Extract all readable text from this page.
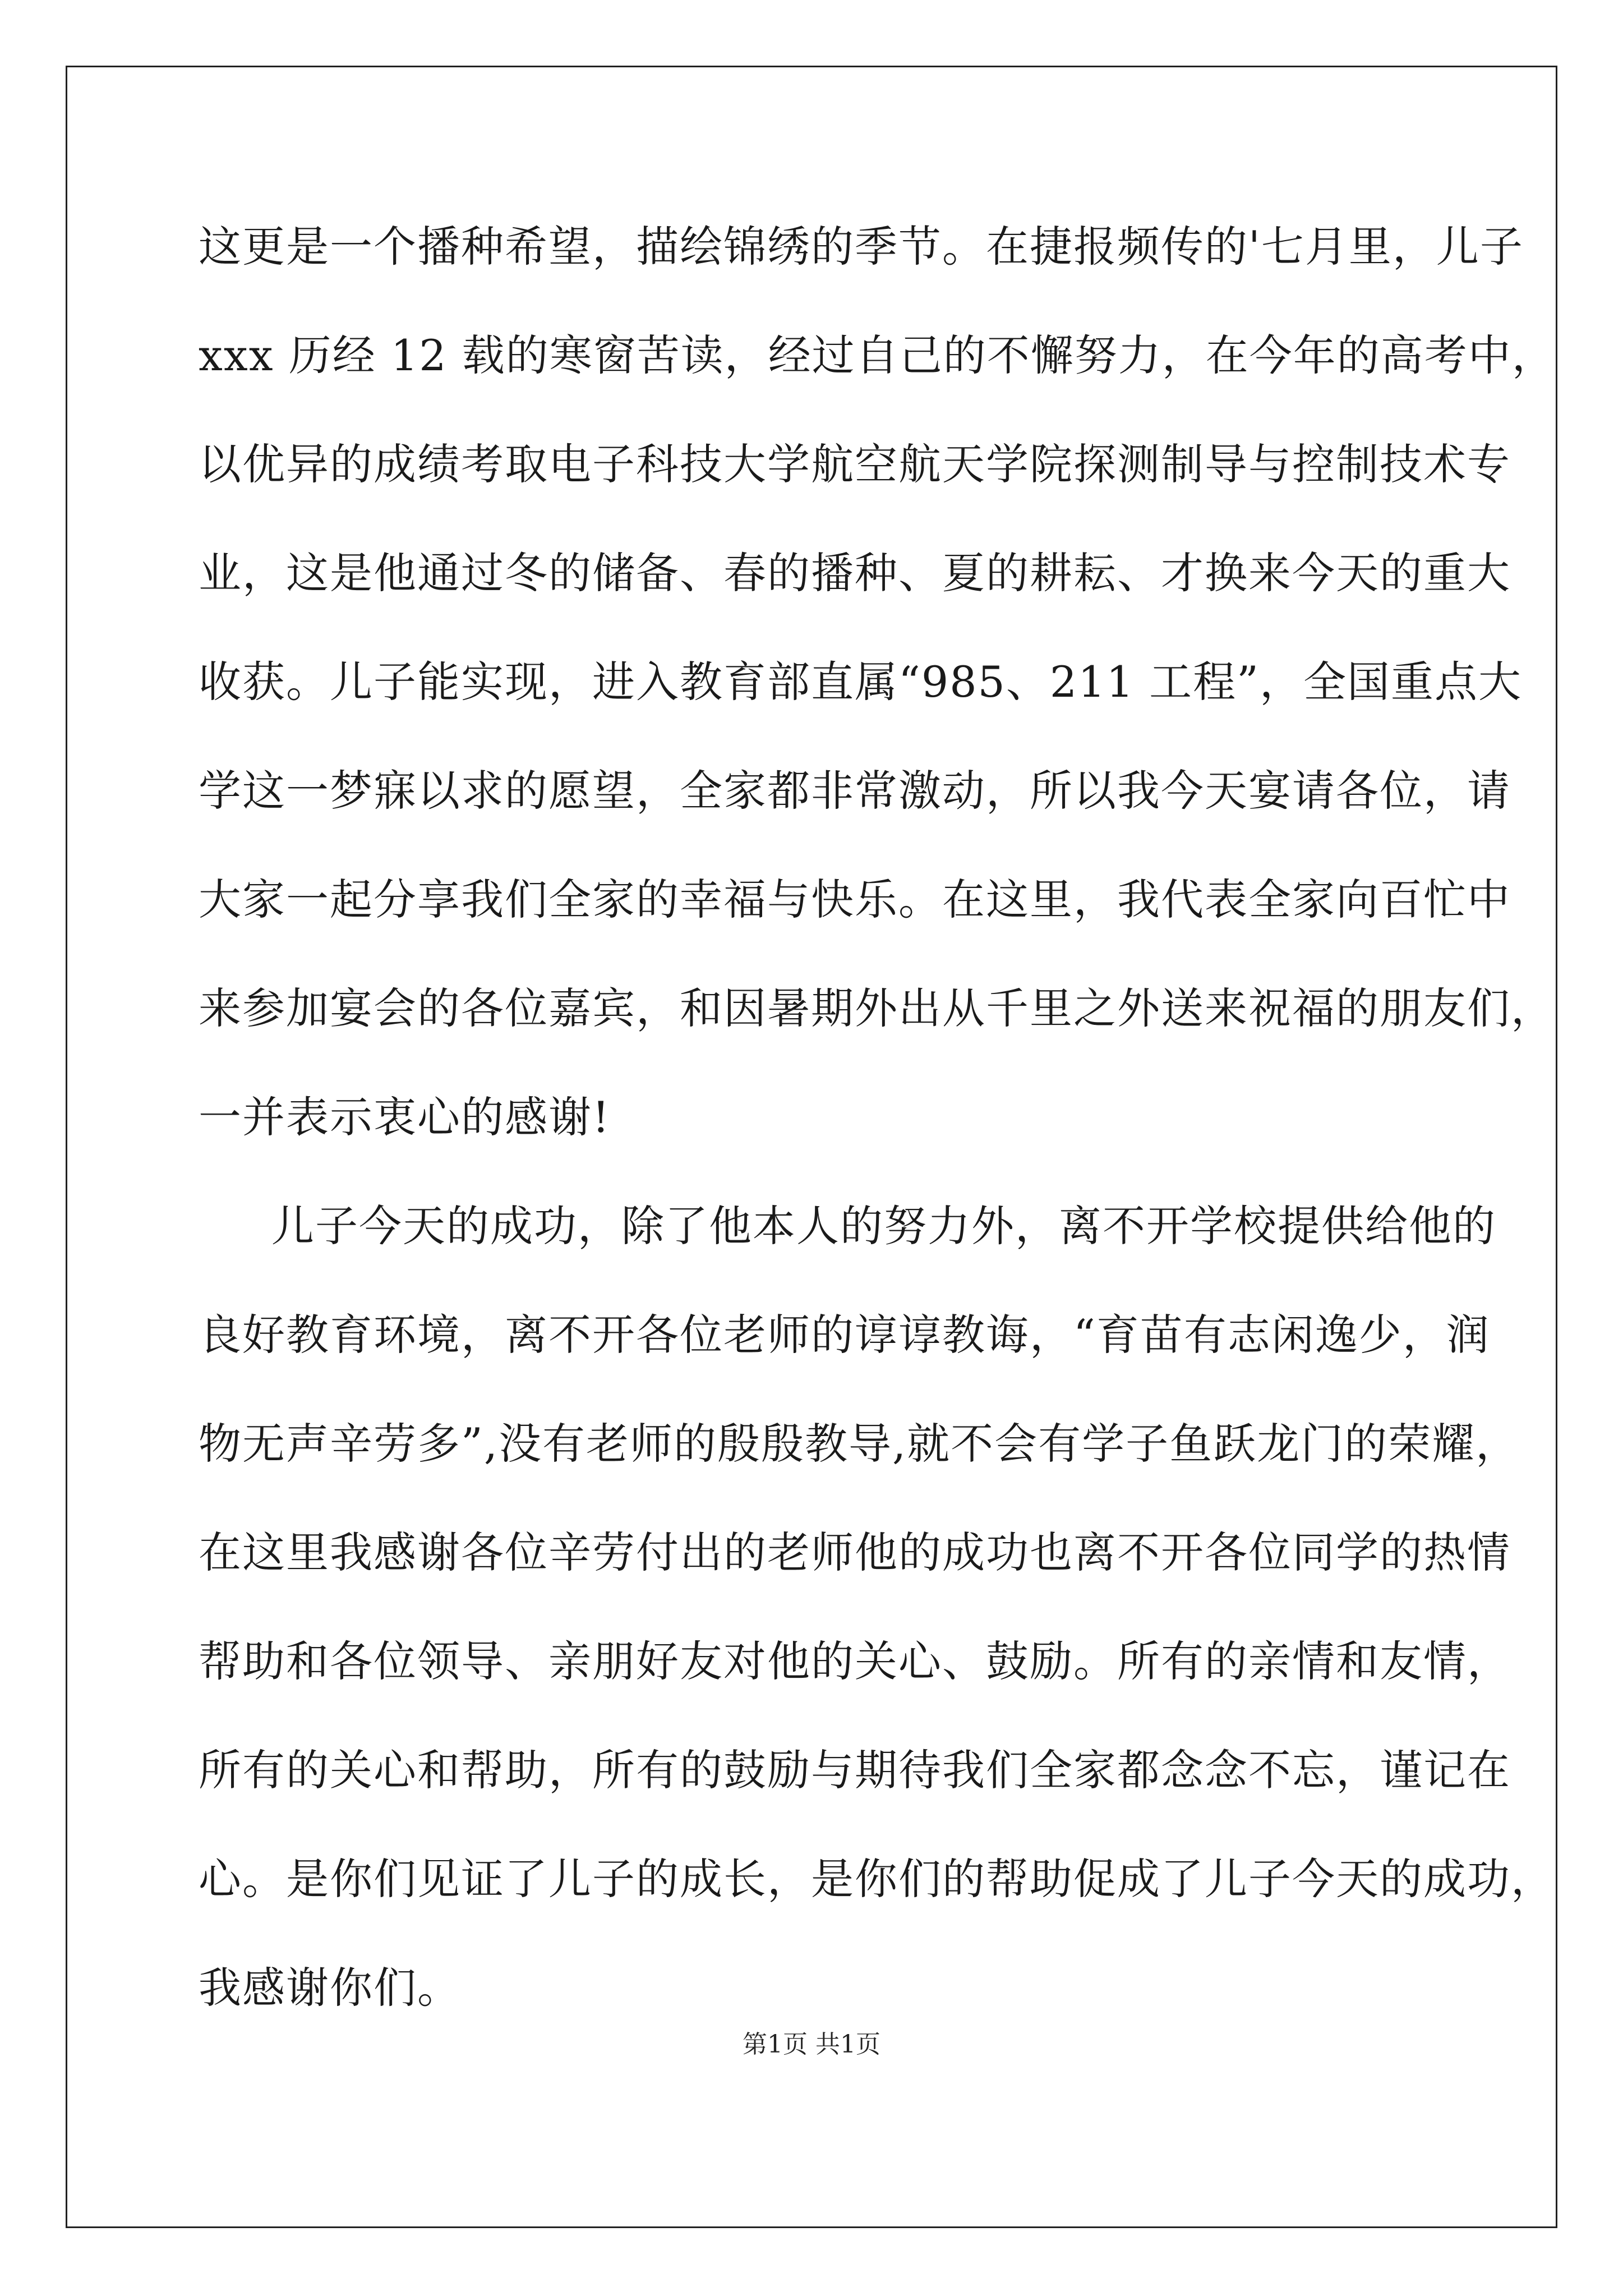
这更是一个播种希望，描绘锦绣的季节。在捷报频传的'七月里，儿子
xxx 历经 12 载的寒窗苦读，经过自己的不懈努力，在今年的高考中，
以优异的成绩考取电子科技大学航空航天学院探测制导与控制技术专
业，这是他通过冬的储备、春的播种、夏的耕耘、才换来今天的重大
收获。儿子能实现，进入教育部直属“985、211 工程”，全国重点大
学这一梦寐以求的愿望，全家都非常激动，所以我今天宴请各位，请
大家一起分享我们全家的幸福与快乐。在这里，我代表全家向百忙中
来参加宴会的各位嘉宾，和因暑期外出从千里之外送来祝福的朋友们，
一并表示衷心的感谢!
儿子今天的成功，除了他本人的努力外，离不开学校提供给他的
良好教育环境，离不开各位老师的谆谆教诲，“育苗有志闲逸少，润
物无声辛劳多”,没有老师的殷殷教导,就不会有学子鱼跃龙门的荣耀，
在这里我感谢各位辛劳付出的老师他的成功也离不开各位同学的热情
帮助和各位领导、亲朋好友对他的关心、鼓励。所有的亲情和友情，
所有的关心和帮助，所有的鼓励与期待我们全家都念念不忘，谨记在
心。是你们见证了儿子的成长，是你们的帮助促成了儿子今天的成功，
我感谢你们。
第1页 共1页
